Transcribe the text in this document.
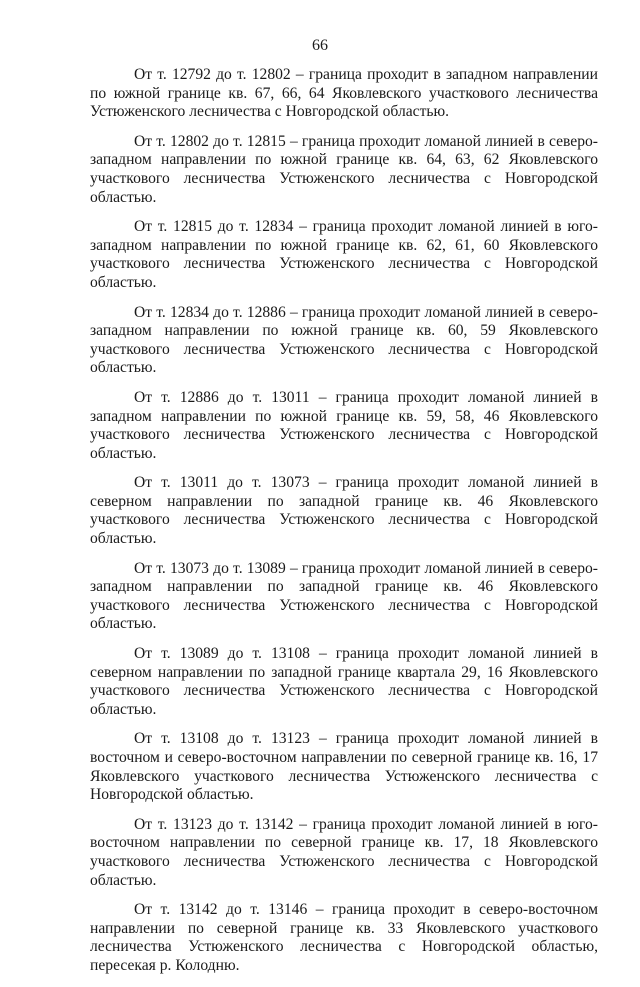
66

От т. 12792 до т. 12802 – граница проходит в западном направлении по южной границе кв. 67, 66, 64 Яковлевского участкового лесничества Устюженского лесничества с Новгородской областью.

От т. 12802 до т. 12815 – граница проходит ломаной линией в северо-западном направлении по южной границе кв. 64, 63, 62 Яковлевского участкового лесничества Устюженского лесничества с Новгородской областью.

От т. 12815 до т. 12834 – граница проходит ломаной линией в юго-западном направлении по южной границе кв. 62, 61, 60 Яковлевского участкового лесничества Устюженского лесничества с Новгородской областью.

От т. 12834 до т. 12886 – граница проходит ломаной линией в северо-западном направлении по южной границе кв. 60, 59 Яковлевского участкового лесничества Устюженского лесничества с Новгородской областью.

От т. 12886 до т. 13011 – граница проходит ломаной линией в западном направлении по южной границе кв. 59, 58, 46 Яковлевского участкового лесничества Устюженского лесничества с Новгородской областью.

От т. 13011 до т. 13073 – граница проходит ломаной линией в северном направлении по западной границе кв. 46 Яковлевского участкового лесничества Устюженского лесничества с Новгородской областью.

От т. 13073 до т. 13089 – граница проходит ломаной линией в северо-западном направлении по западной границе кв. 46 Яковлевского участкового лесничества Устюженского лесничества с Новгородской областью.

От т. 13089 до т. 13108 – граница проходит ломаной линией в северном направлении по западной границе квартала 29, 16 Яковлевского участкового лесничества Устюженского лесничества с Новгородской областью.

От т. 13108 до т. 13123 – граница проходит ломаной линией в восточном и северо-восточном направлении по северной границе кв. 16, 17 Яковлевского участкового лесничества Устюженского лесничества с Новгородской областью.

От т. 13123 до т. 13142 – граница проходит ломаной линией в юго-восточном направлении по северной границе кв. 17, 18 Яковлевского участкового лесничества Устюженского лесничества с Новгородской областью.

От т. 13142 до т. 13146 – граница проходит в северо-восточном направлении по северной границе кв. 33 Яковлевского участкового лесничества Устюженского лесничества с Новгородской областью, пересекая р. Колодню.
